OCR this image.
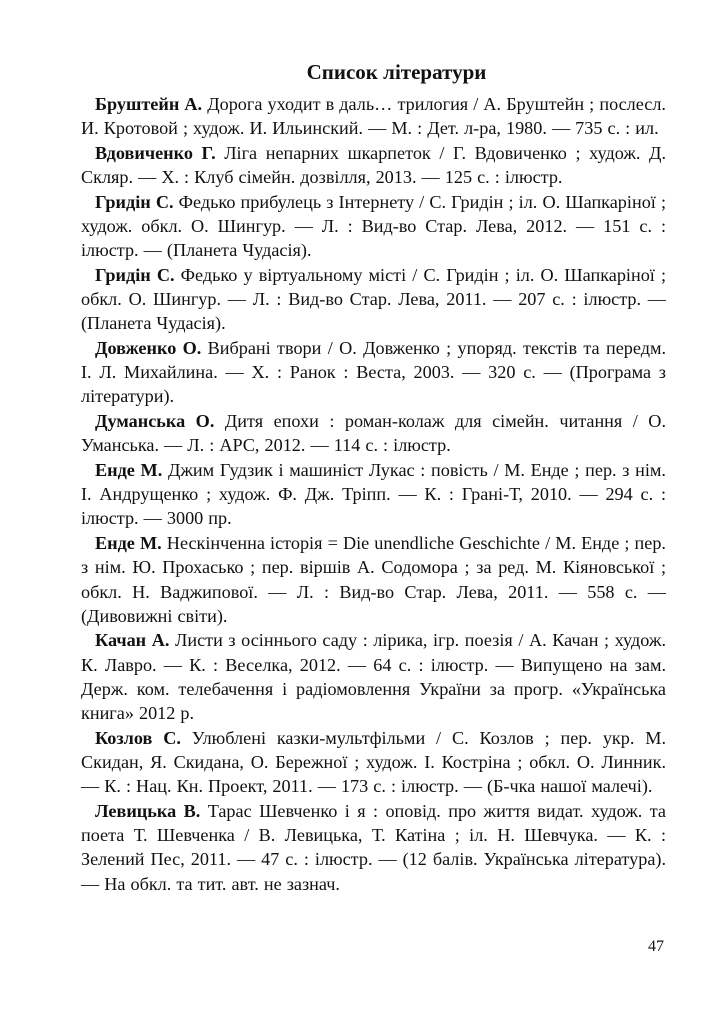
Список літератури

Бруштейн А. Дорога уходит в даль… трилогия / А. Бруштейн ; послесл. И. Кротовой ; худож. И. Ильинский. — М. : Дет. л-ра, 1980. — 735 с. : ил.

Вдовиченко Г. Ліга непарних шкарпеток / Г. Вдовиченко ; худож. Д. Скляр. — Х. : Клуб сімейн. дозвілля, 2013. — 125 с. : ілюстр.

Гридін С. Федько прибулець з Інтернету / С. Гридін ; іл. О. Шапкаріної ; худож. обкл. О. Шингур. — Л. : Вид-во Стар. Лева, 2012. — 151 с. : ілюстр. — (Планета Чудасія).

Гридін С. Федько у віртуальному місті / С. Гридін ; іл. О. Шапкаріної ; обкл. О. Шингур. — Л. : Вид-во Стар. Лева, 2011. — 207 с. : ілюстр. — (Планета Чудасія).

Довженко О. Вибрані твори / О. Довженко ; упоряд. текстів та передм. І. Л. Михайлина. — Х. : Ранок : Веста, 2003. — 320 с. — (Програма з літератури).

Думанська О. Дитя епохи : роман-колаж для сімейн. читання / О. Уманська. — Л. : АРС, 2012. — 114 с. : ілюстр.

Енде М. Джим Гудзик і машиніст Лукас : повість / М. Енде ; пер. з нім. І. Андрущенко ; худож. Ф. Дж. Тріпп. — К. : Грані-Т, 2010. — 294 с. : ілюстр. — 3000 пр.

Енде М. Нескінченна історія = Die unendliche Geschichte / М. Енде ; пер. з нім. Ю. Прохасько ; пер. віршів А. Содомора ; за ред. М. Кіяновської ; обкл. Н. Ваджипової. — Л. : Вид-во Стар. Лева, 2011. — 558 с. — (Дивовижні світи).

Качан А. Листи з осіннього саду : лірика, ігр. поезія / А. Качан ; худож. К. Лавро. — К. : Веселка, 2012. — 64 с. : ілюстр. — Випущено на зам. Держ. ком. телебачення і радіомовлення України за прогр. «Українська книга» 2012 р.

Козлов С. Улюблені казки-мультфільми / С. Козлов ; пер. укр. М. Скидан, Я. Скидана, О. Бережної ; худож. І. Кострiна ; обкл. О. Линник. — К. : Нац. Кн. Проект, 2011. — 173 с. : ілюстр. — (Б-чка нашої малечі).

Левицька В. Тарас Шевченко і я : оповід. про життя видат. худож. та поета Т. Шевченка / В. Левицька, Т. Катіна ; іл. Н. Шевчука. — К. : Зелений Пес, 2011. — 47 с. : ілюстр. — (12 балів. Українська література). — На обкл. та тит. авт. не зазнач.

47
